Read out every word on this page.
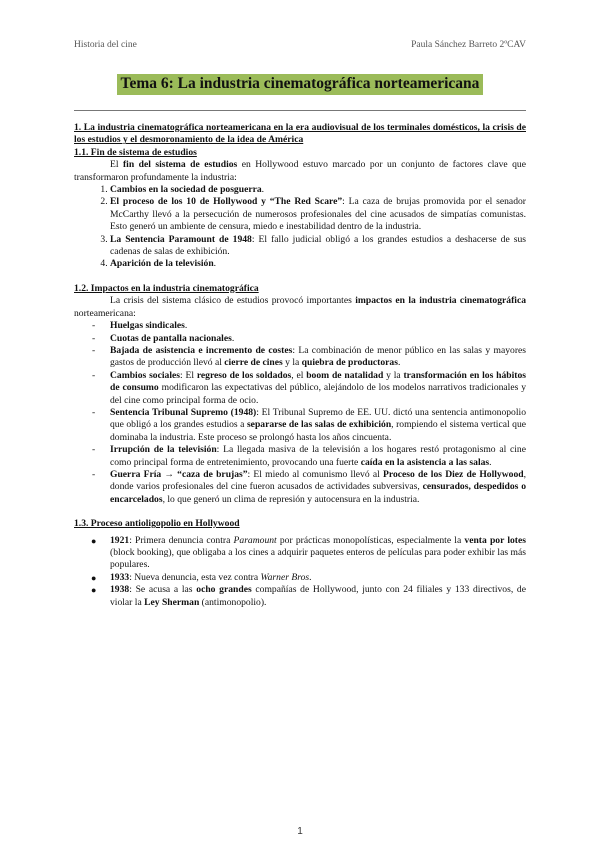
Historia del cine	Paula Sánchez Barreto 2ºCAV
Tema 6: La industria cinematográfica norteamericana

1. La industria cinematográfica norteamericana en la era audiovisual de los terminales domésticos, la crisis de los estudios y el desmoronamiento de la idea de América

1.1. Fin de sistema de estudios

El fin del sistema de estudios en Hollywood estuvo marcado por un conjunto de factores clave que transformaron profundamente la industria:

1. Cambios en la sociedad de posguerra.
2. El proceso de los 10 de Hollywood y “The Red Scare”: La caza de brujas promovida por el senador McCarthy llevó a la persecución de numerosos profesionales del cine acusados de simpatías comunistas. Esto generó un ambiente de censura, miedo e inestabilidad dentro de la industria.
3. La Sentencia Paramount de 1948: El fallo judicial obligó a los grandes estudios a deshacerse de sus cadenas de salas de exhibición.
4. Aparición de la televisión.

1.2. Impactos en la industria cinematográfica

La crisis del sistema clásico de estudios provocó importantes impactos en la industria cinematográfica norteamericana:

- Huelgas sindicales.
- Cuotas de pantalla nacionales.
- Bajada de asistencia e incremento de costes: La combinación de menor público en las salas y mayores gastos de producción llevó al cierre de cines y la quiebra de productoras.
- Cambios sociales: El regreso de los soldados, el boom de natalidad y la transformación en los hábitos de consumo modificaron las expectativas del público, alejándolo de los modelos narrativos tradicionales y del cine como principal forma de ocio.
- Sentencia Tribunal Supremo (1948): El Tribunal Supremo de EE. UU. dictó una sentencia antimonopolio que obligó a los grandes estudios a separarse de las salas de exhibición, rompiendo el sistema vertical que dominaba la industria. Este proceso se prolongó hasta los años cincuenta.
- Irrupción de la televisión: La llegada masiva de la televisión a los hogares restó protagonismo al cine como principal forma de entretenimiento, provocando una fuerte caída en la asistencia a las salas.
- Guerra Fría → “caza de brujas”: El miedo al comunismo llevó al Proceso de los Diez de Hollywood, donde varios profesionales del cine fueron acusados de actividades subversivas, censurados, despedidos o encarcelados, lo que generó un clima de represión y autocensura en la industria.

1.3. Proceso antioligopolio en Hollywood

● 1921: Primera denuncia contra Paramount por prácticas monopolísticas, especialmente la venta por lotes (block booking), que obligaba a los cines a adquirir paquetes enteros de películas para poder exhibir las más populares.
● 1933: Nueva denuncia, esta vez contra Warner Bros.
● 1938: Se acusa a las ocho grandes compañías de Hollywood, junto con 24 filiales y 133 directivos, de violar la Ley Sherman (antimonopolio).
1
